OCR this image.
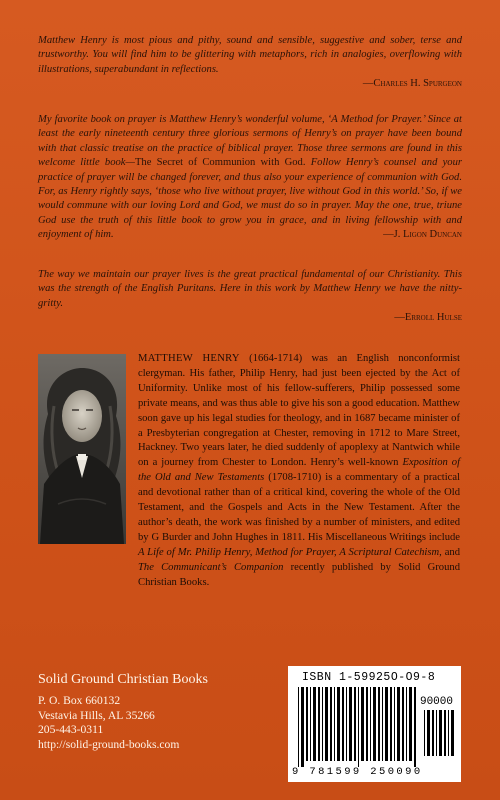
Matthew Henry is most pious and pithy, sound and sensible, suggestive and sober, terse and trustworthy. You will find him to be glittering with metaphors, rich in analogies, overflowing with illustrations, superabundant in reflections.
—Charles H. Spurgeon
My favorite book on prayer is Matthew Henry’s wonderful volume, ‘A Method for Prayer.’ Since at least the early nineteenth century three glorious sermons of Henry’s on prayer have been bound with that classic treatise on the practice of biblical prayer. Those three sermons are found in this welcome little book—The Secret of Communion with God. Follow Henry’s counsel and your practice of prayer will be changed forever, and thus also your experience of communion with God. For, as Henry rightly says, ‘those who live without prayer, live without God in this world.’ So, if we would commune with our loving Lord and God, we must do so in prayer. May the one, true, triune God use the truth of this little book to grow you in grace, and in living fellowship with and enjoyment of him.	—J. Ligon Duncan
The way we maintain our prayer lives is the great practical fundamental of our Christianity. This was the strength of the English Puritans. Here in this work by Matthew Henry we have the nitty-gritty.
—Erroll Hulse
MATTHEW HENRY (1664-1714) was an English nonconformist clergyman. His father, Philip Henry, had just been ejected by the Act of Uniformity. Unlike most of his fellow-sufferers, Philip possessed some private means, and was thus able to give his son a good education. Matthew soon gave up his legal studies for theology, and in 1687 became minister of a Presbyterian congregation at Chester, removing in 1712 to Mare Street, Hackney. Two years later, he died suddenly of apoplexy at Nantwich while on a journey from Chester to London. Henry’s well-known Exposition of the Old and New Testaments (1708-1710) is a commentary of a practical and devotional rather than of a critical kind, covering the whole of the Old Testament, and the Gospels and Acts in the New Testament. After the author’s death, the work was finished by a number of ministers, and edited by G Burder and John Hughes in 1811. His Miscellaneous Writings include A Life of Mr. Philip Henry, Method for Prayer, A Scriptural Catechism, and The Communicant’s Companion recently published by Solid Ground Christian Books.
Solid Ground Christian Books
P. O. Box 660132
Vestavia Hills, AL 35266
205-443-0311
http://solid-ground-books.com
ISBN 1-59925O-O9-8
90000
9 781599 250090
